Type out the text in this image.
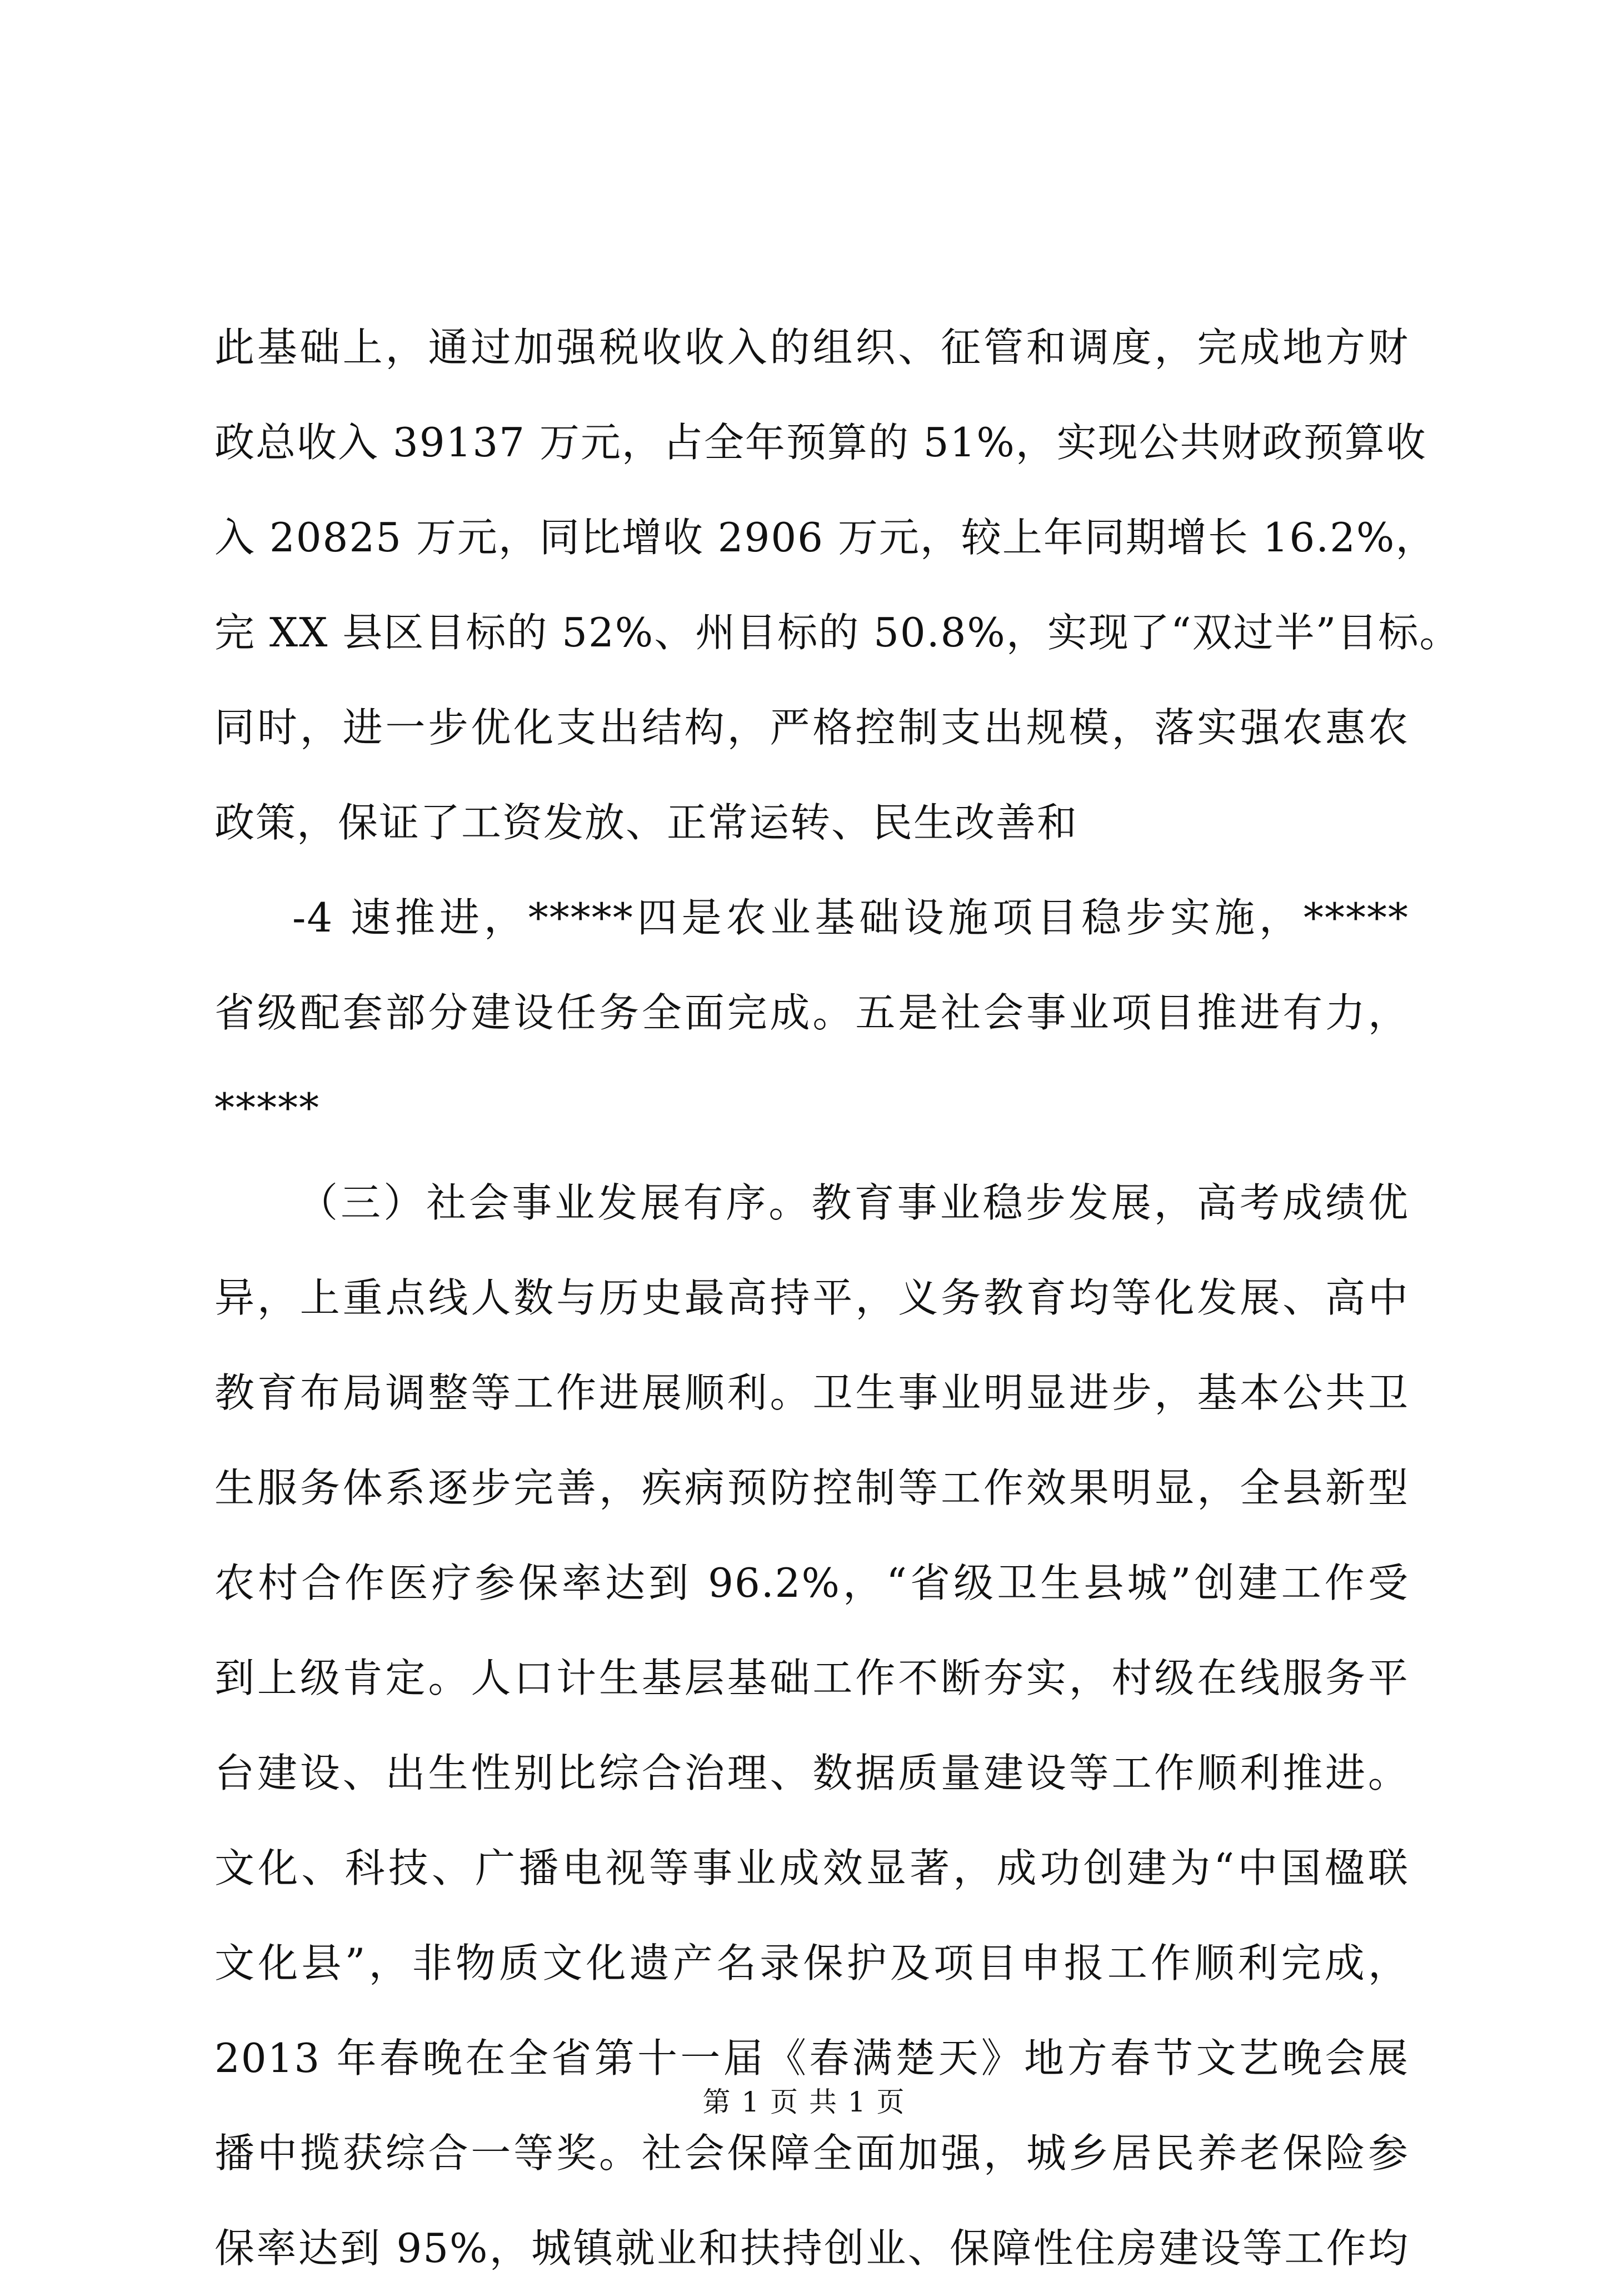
此基础上，通过加强税收收入的组织、征管和调度，完成地方财
政总收入 39137 万元，占全年预算的 51%，实现公共财政预算收
入 20825 万元，同比增收 2906 万元，较上年同期增长 16.2%，
完 XX 县区目标的 52%、州目标的 50.8%，实现了“双过半”目标。
同时，进一步优化支出结构，严格控制支出规模，落实强农惠农
政策，保证了工资发放、正常运转、民生改善和
-4 速推进，*****四是农业基础设施项目稳步实施，*****
省级配套部分建设任务全面完成。五是社会事业项目推进有力，
*****
（三）社会事业发展有序。教育事业稳步发展，高考成绩优
异，上重点线人数与历史最高持平，义务教育均等化发展、高中
教育布局调整等工作进展顺利。卫生事业明显进步，基本公共卫
生服务体系逐步完善，疾病预防控制等工作效果明显，全县新型
农村合作医疗参保率达到 96.2%，“省级卫生县城”创建工作受
到上级肯定。人口计生基层基础工作不断夯实，村级在线服务平
台建设、出生性别比综合治理、数据质量建设等工作顺利推进。
文化、科技、广播电视等事业成效显著，成功创建为“中国楹联
文化县”，非物质文化遗产名录保护及项目申报工作顺利完成，
2013 年春晚在全省第十一届《春满楚天》地方春节文艺晚会展
播中揽获综合一等奖。社会保障全面加强，城乡居民养老保险参
保率达到 95%，城镇就业和扶持创业、保障性住房建设等工作均
第 1 页 共 1 页
